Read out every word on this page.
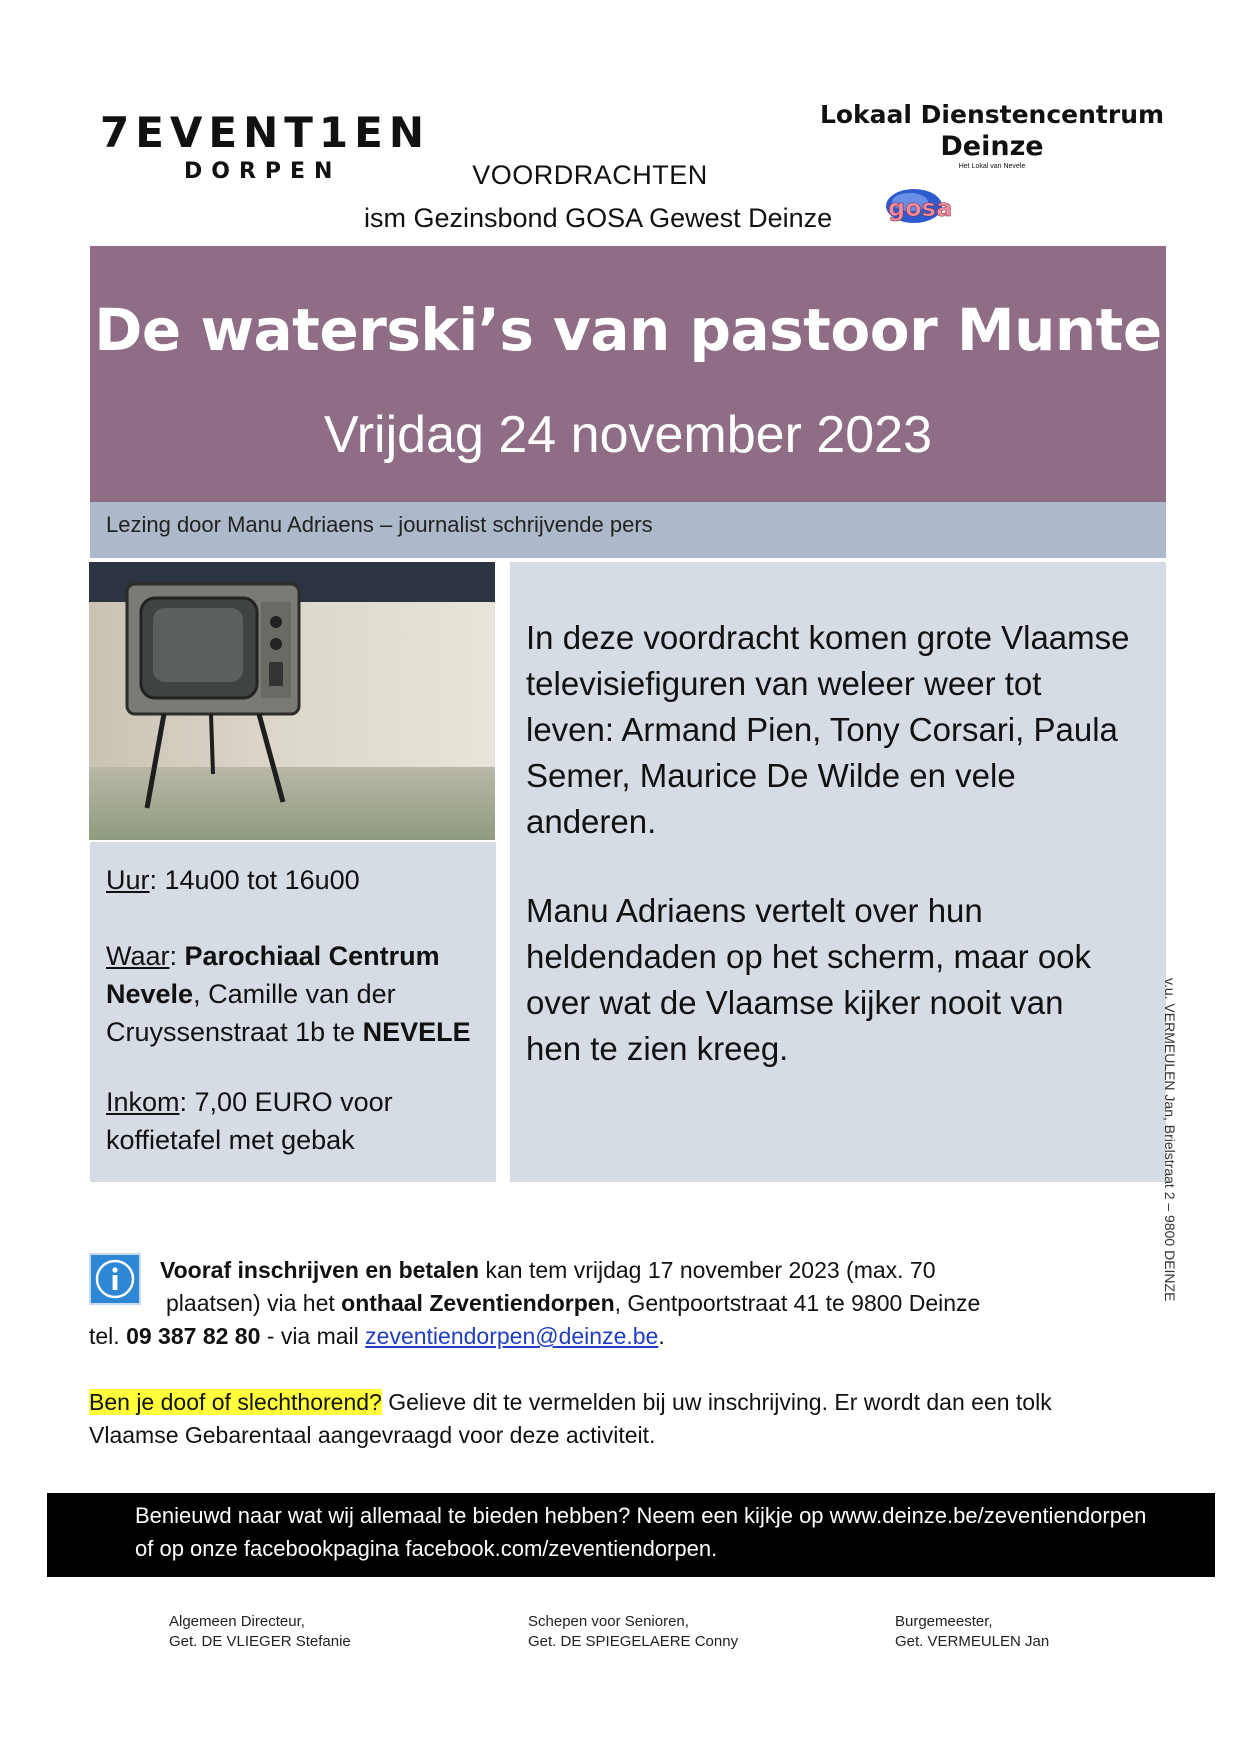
7EVENT1EN
DORPEN
Lokaal Dienstencentrum
Deinze
Het Lokal van Nevele
VOORDRACHTEN
ism Gezinsbond GOSA Gewest Deinze gosa
De waterski’s van pastoor Munte
Vrijdag 24 november 2023
Lezing door Manu Adriaens – journalist schrijvende pers
Uur: 14u00 tot 16u00
Waar: Parochiaal Centrum
Nevele, Camille van der
Cruyssenstraat 1b te NEVELE
Inkom: 7,00 EURO voor
koffietafel met gebak
In deze voordracht komen grote Vlaamse
televisiefiguren van weleer weer tot
leven: Armand Pien, Tony Corsari, Paula
Semer, Maurice De Wilde en vele
anderen.
Manu Adriaens vertelt over hun
heldendaden op het scherm, maar ook
over wat de Vlaamse kijker nooit van
hen te zien kreeg.	v.u. VERMEULEN Jan, Brielstraat 2 – 9800 DEINZE
Vooraf inschrijven en betalen kan tem vrijdag 17 november 2023 (max. 70
plaatsen) via het onthaal Zeventiendorpen, Gentpoortstraat 41 te 9800 Deinze
tel. 09 387 82 80 - via mail zeventiendorpen@deinze.be.
Ben je doof of slechthorend? Gelieve dit te vermelden bij uw inschrijving. Er wordt dan een tolk
Vlaamse Gebarentaal aangevraagd voor deze activiteit.
Benieuwd naar wat wij allemaal te bieden hebben? Neem een kijkje op www.deinze.be/zeventiendorpen
of op onze facebookpagina facebook.com/zeventiendorpen.
Algemeen Directeur,
Get. DE VLIEGER Stefanie
Schepen voor Senioren,
Get. DE SPIEGELAERE Conny
Burgemeester,
Get. VERMEULEN Jan
